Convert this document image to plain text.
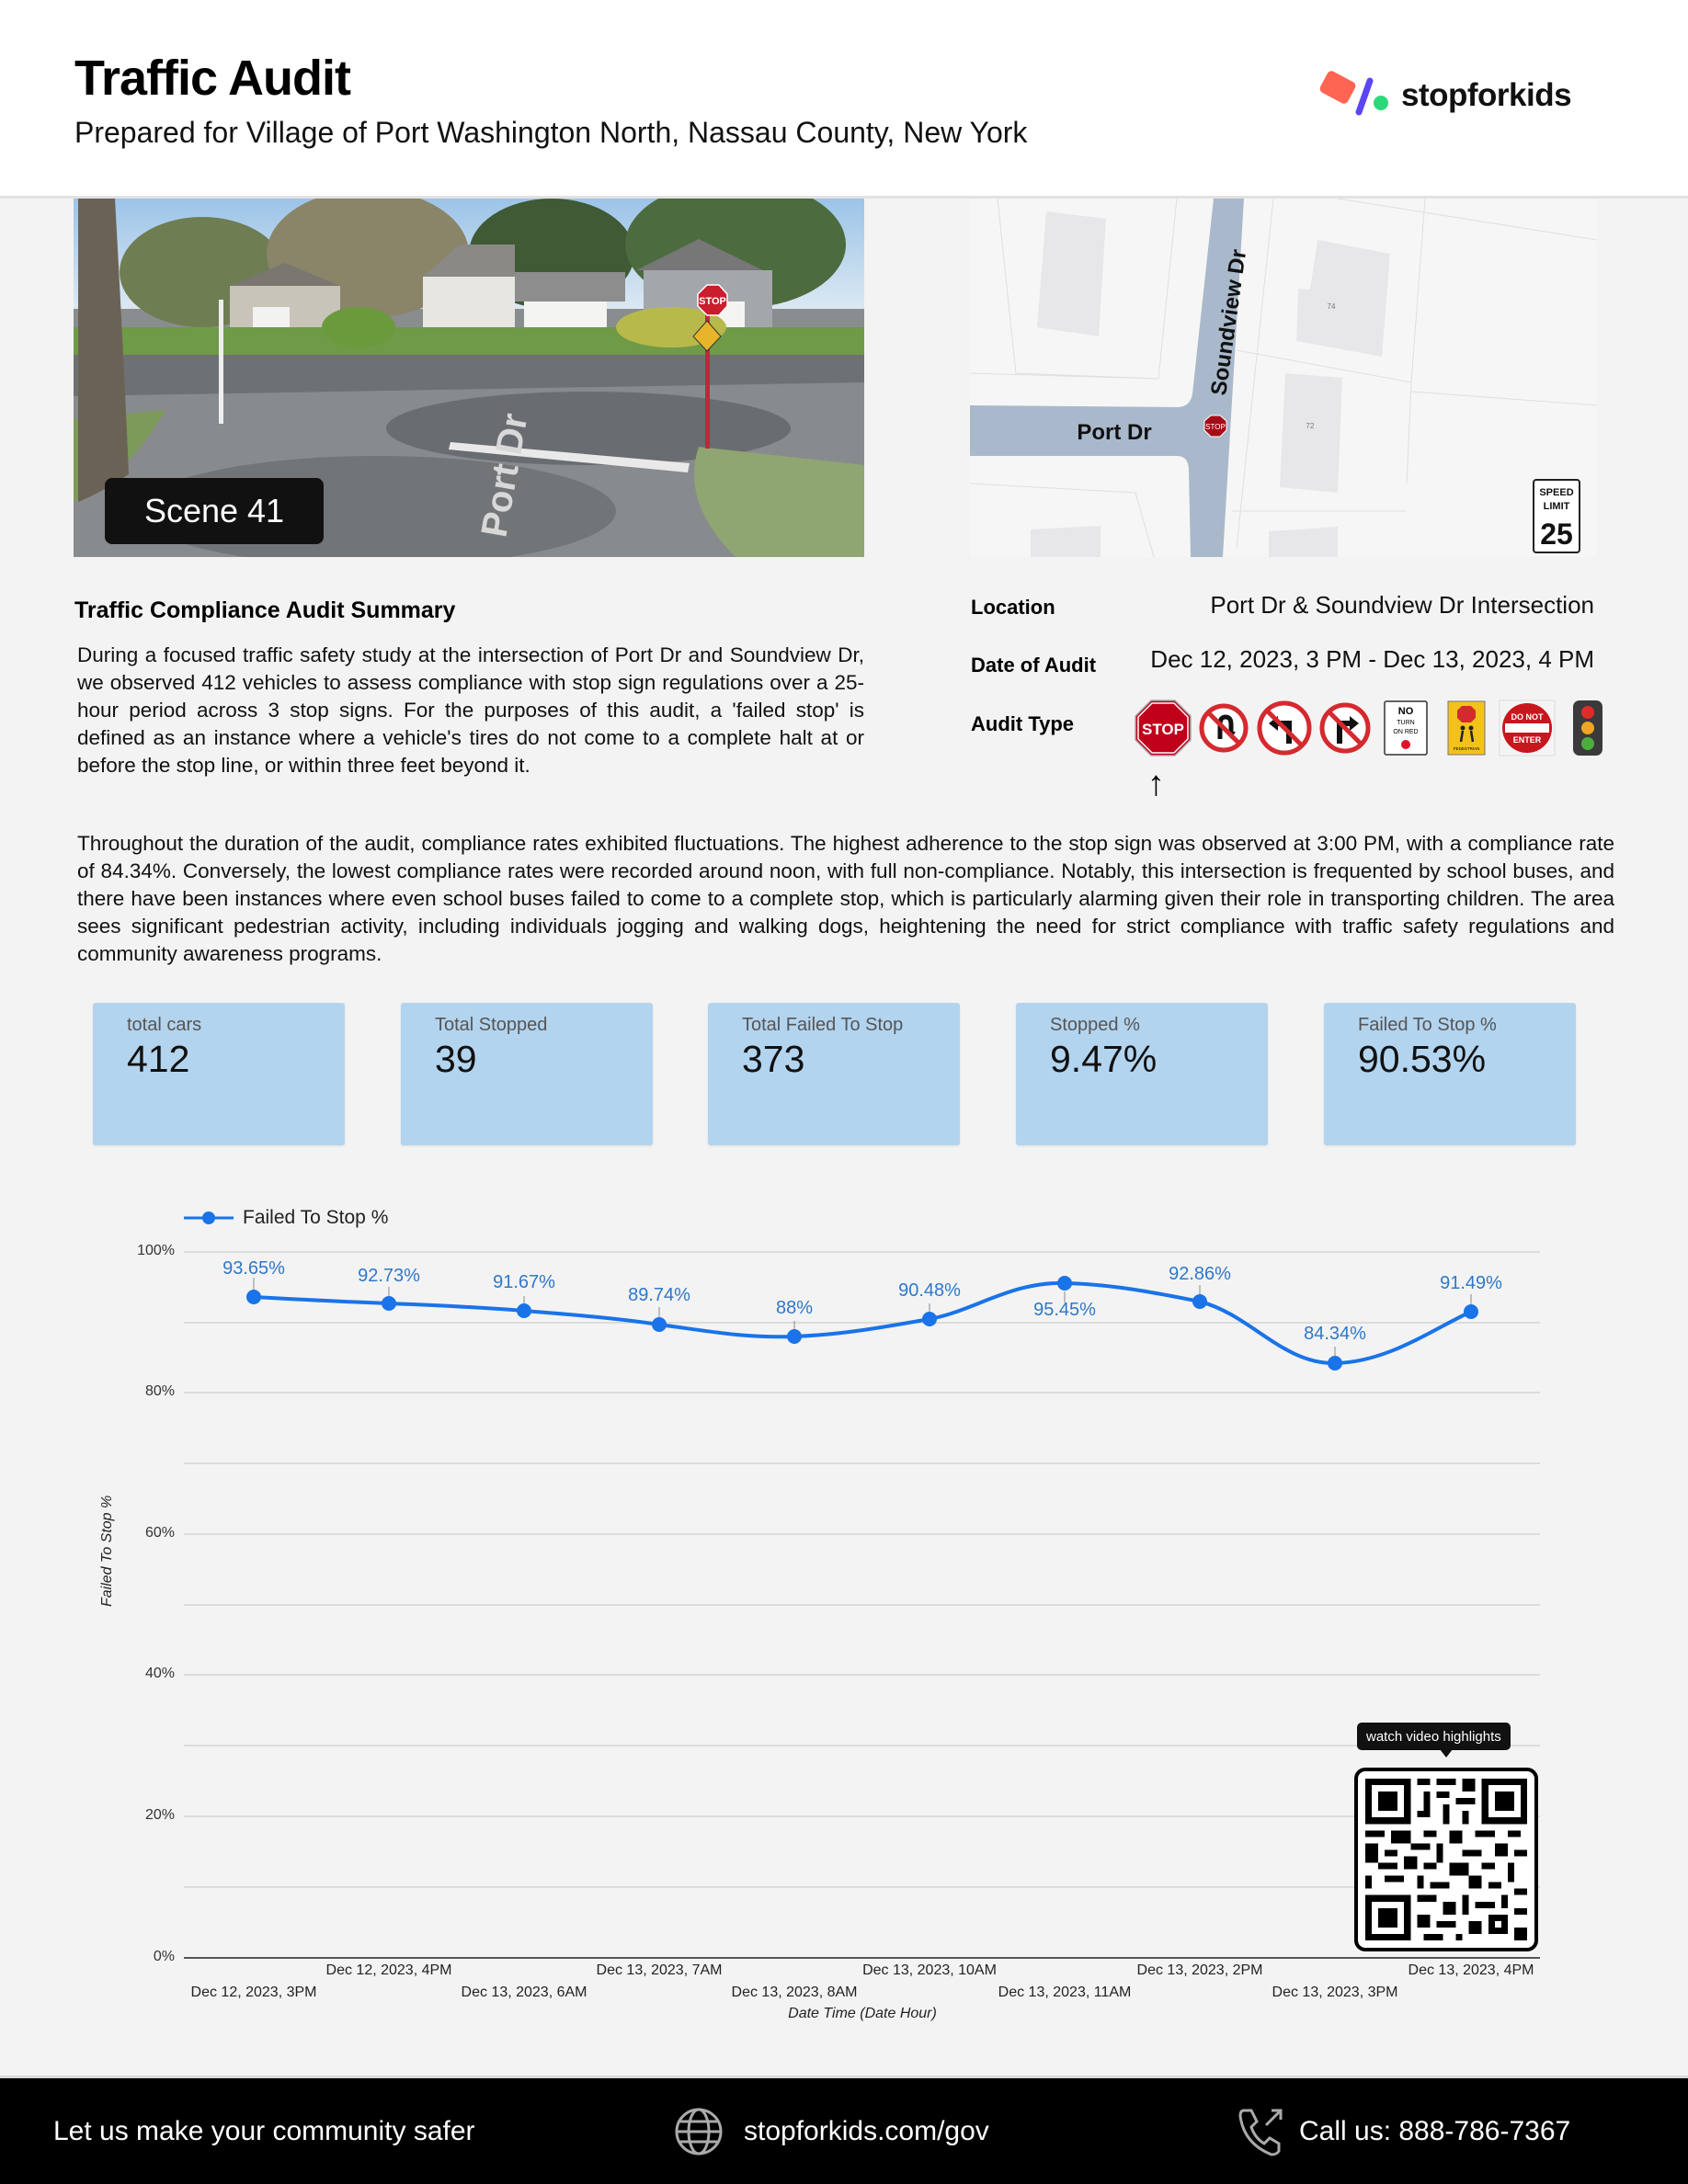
Traffic Audit
Prepared for Village of Port Washington North, Nassau County, New York
stopforkids
STOP
Port Dr
Scene 41
74
72
Soundview Dr
Port Dr	STOP
SPEED
LIMIT
25
Traffic Compliance Audit Summary
During a focused traffic safety study at the intersection of Port Dr and Soundview Dr, we observed 412 vehicles to assess compliance with stop sign regulations over a 25-hour period across 3 stop signs. For the purposes of this audit, a 'failed stop' is defined as an instance where a vehicle's tires do not come to a complete halt at or before the stop line, or within three feet beyond it.
Location	Port Dr & Soundview Dr Intersection
Date of Audit Dec 12, 2023, 3 PM - Dec 13, 2023, 4 PM
Audit Type	STOP
NO
TURN
ON RED
PEDESTRIAN
DO NOT
ENTER
↑
Throughout the duration of the audit, compliance rates exhibited fluctuations. The highest adherence to the stop sign was observed at 3:00 PM, with a compliance rate of 84.34%. Conversely, the lowest compliance rates were recorded around noon, with full non-compliance. Notably, this intersection is frequented by school buses, and there have been instances where even school buses failed to come to a complete stop, which is particularly alarming given their role in transporting children. The area sees significant pedestrian activity, including individuals jogging and walking dogs, heightening the need for strict compliance with traffic safety regulations and community awareness programs.
total cars
412
Total Stopped
39
Total Failed To Stop
373
Stopped %
9.47%
Failed To Stop %
90.53%
Failed To Stop %
100%
80%
60%
40%
20%
0%
Failed To Stop %
93.65%	92.73%	91.67%
89.74%
88%
90.48%
95.45%
92.86%
84.34%
91.49%
Dec 12, 2023, 3PM
Dec 12, 2023, 4PM
Dec 13, 2023, 6AM
Dec 13, 2023, 7AM
Dec 13, 2023, 8AM
Dec 13, 2023, 10AM
Dec 13, 2023, 11AM
Dec 13, 2023, 2PM
Dec 13, 2023, 3PM
Dec 13, 2023, 4PM
Date Time (Date Hour)
watch video highlights
Let us make your community safer	stopforkids.com/gov	Call us: 888-786-7367
